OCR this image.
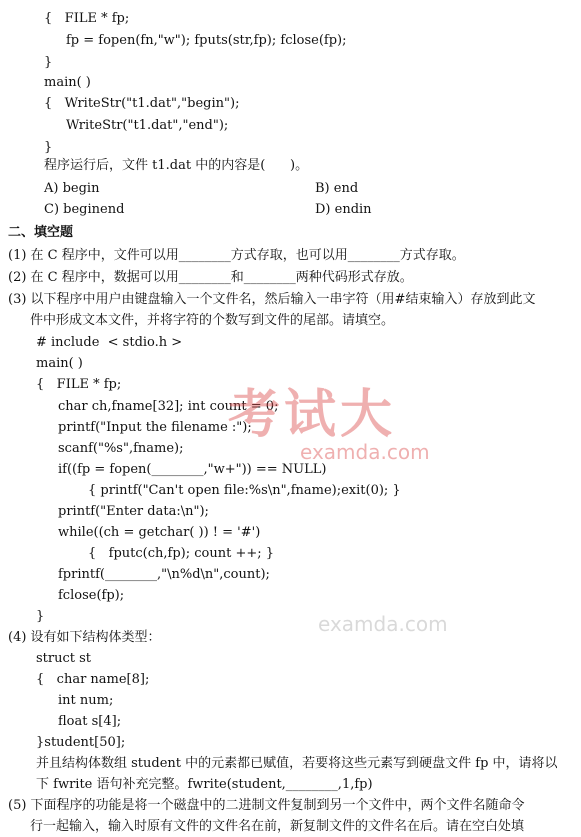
{   FILE * fp;
fp = fopen(fn,"w"); fputs(str,fp); fclose(fp);
}
main( )
{   WriteStr("t1.dat","begin");
WriteStr("t1.dat","end");
}
程序运行后，文件 t1.dat 中的内容是(      )。
A) begin	B) end
C) beginend	D) endin
二、填空题
(1) 在 C 程序中，文件可以用________方式存取，也可以用________方式存取。
(2) 在 C 程序中，数据可以用________和________两种代码形式存放。
(3) 以下程序中用户由键盘输入一个文件名，然后输入一串字符（用#结束输入）存放到此文
件中形成文本文件，并将字符的个数写到文件的尾部。请填空。
# include  < stdio.h >
main( )
{   FILE * fp;
char ch,fname[32]; int count = 0;
printf("Input the filename :");
scanf("%s",fname);
if((fp = fopen(________,"w+")) == NULL)
{ printf("Can't open file:%s\n",fname);exit(0); }
printf("Enter data:\n");
while((ch = getchar( )) ! = '#')
{   fputc(ch,fp); count ++; }
fprintf(________,"\n%d\n",count);
fclose(fp);
}
(4) 设有如下结构体类型：
struct st
{   char name[8];
int num;
float s[4];
}student[50];
并且结构体数组 student 中的元素都已赋值，若要将这些元素写到硬盘文件 fp 中，请将以
下 fwrite 语句补充完整。fwrite(student,________,1,fp)
(5) 下面程序的功能是将一个磁盘中的二进制文件复制到另一个文件中，两个文件名随命令
行一起输入，输入时原有文件的文件名在前，新复制文件的文件名在后。请在空白处填
考试大
examda.com
examda.com
